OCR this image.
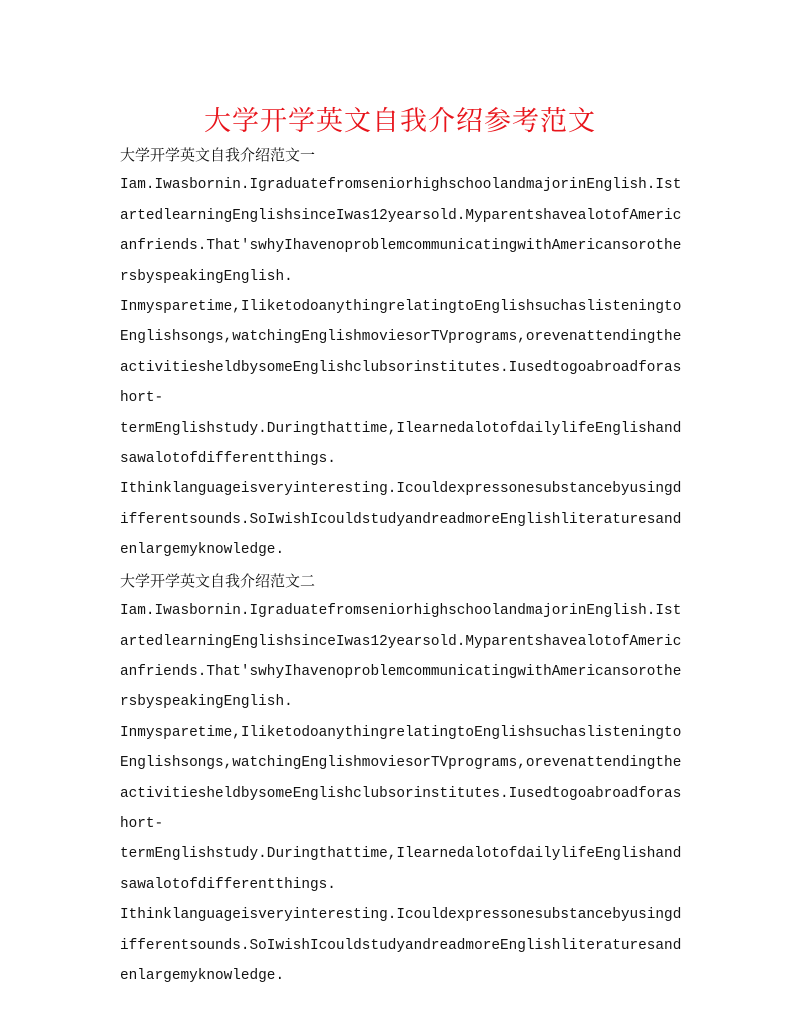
大学开学英文自我介绍参考范文

大学开学英文自我介绍范文一

Iam.Iwasbornin.IgraduatefromseniorhighschoolandmajorinEnglish.IstartedlearningEnglishsinceIwas12yearsold.MyparentshavealotofAmericanfriends.That'swhyIhavenoproblemcommunicatingwithAmericansorothersbyspeakingEnglish.

Inmysparetime,IliketodoanythingrelatingtoEnglishsuchaslisteningtoEnglishsongs,watchingEnglishmoviesorTVprograms,orevenattendingtheactivitiesheldbysomeEnglishclubsorinstitutes.Iusedtogoabroadforashort-

termEnglishstudy.Duringthattime,IlearnedalotofdailylifeEnglishandsawalotofdifferentthings.

Ithinklanguageisveryinteresting.Icouldexpressonesubstancebyusingdifferentsounds.SoIwishIcouldstudyandreadmoreEnglishliteraturesandenlargemyknowledge.

大学开学英文自我介绍范文二

Iam.Iwasbornin.IgraduatefromseniorhighschoolandmajorinEnglish.IstartedlearningEnglishsinceIwas12yearsold.MyparentshavealotofAmericanfriends.That'swhyIhavenoproblemcommunicatingwithAmericansorothersbyspeakingEnglish.

Inmysparetime,IliketodoanythingrelatingtoEnglishsuchaslisteningtoEnglishsongs,watchingEnglishmoviesorTVprograms,orevenattendingtheactivitiesheldbysomeEnglishclubsorinstitutes.Iusedtogoabroadforashort-

termEnglishstudy.Duringthattime,IlearnedalotofdailylifeEnglishandsawalotofdifferentthings.

Ithinklanguageisveryinteresting.Icouldexpressonesubstancebyusingdifferentsounds.SoIwishIcouldstudyandreadmoreEnglishliteraturesandenlargemyknowledge.
